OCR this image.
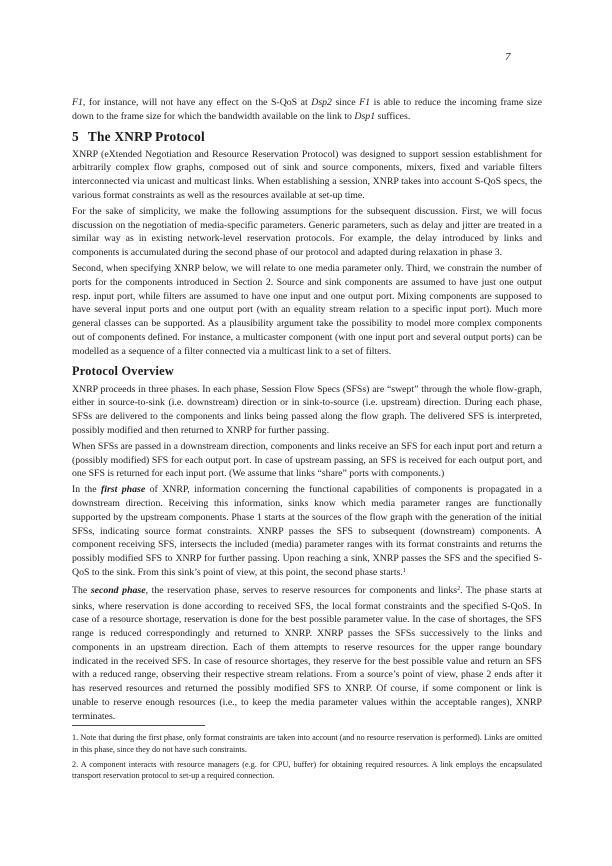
7

F1, for instance, will not have any effect on the S-QoS at Dsp2 since F1 is able to reduce the incoming frame size down to the frame size for which the bandwidth available on the link to Dsp1 suffices.

5 The XNRP Protocol

XNRP (eXtended Negotiation and Resource Reservation Protocol) was designed to support session establishment for arbitrarily complex flow graphs, composed out of sink and source components, mixers, fixed and variable filters interconnected via unicast and multicast links. When establishing a session, XNRP takes into account S-QoS specs, the various format constraints as well as the resources available at set-up time.

For the sake of simplicity, we make the following assumptions for the subsequent discussion. First, we will focus discussion on the negotiation of media-specific parameters. Generic parameters, such as delay and jitter are treated in a similar way as in existing network-level reservation protocols. For example, the delay introduced by links and components is accumulated during the second phase of our protocol and adapted during relaxation in phase 3.

Second, when specifying XNRP below, we will relate to one media parameter only. Third, we constrain the number of ports for the components introduced in Section 2. Source and sink components are assumed to have just one output resp. input port, while filters are assumed to have one input and one output port. Mixing components are supposed to have several input ports and one output port (with an equality stream relation to a specific input port). Much more general classes can be supported. As a plausibility argument take the possibility to model more complex components out of components defined. For instance, a multicaster component (with one input port and several output ports) can be modelled as a sequence of a filter connected via a multicast link to a set of filters.

Protocol Overview

XNRP proceeds in three phases. In each phase, Session Flow Specs (SFSs) are “swept” through the whole flow-graph, either in source-to-sink (i.e. downstream) direction or in sink-to-source (i.e. upstream) direction. During each phase, SFSs are delivered to the components and links being passed along the flow graph. The delivered SFS is interpreted, possibly modified and then returned to XNRP for further passing.

When SFSs are passed in a downstream direction, components and links receive an SFS for each input port and return a (possibly modified) SFS for each output port. In case of upstream passing, an SFS is received for each output port, and one SFS is returned for each input port. (We assume that links “share” ports with components.)

In the first phase of XNRP, information concerning the functional capabilities of components is propagated in a downstream direction. Receiving this information, sinks know which media parameter ranges are functionally supported by the upstream components. Phase 1 starts at the sources of the flow graph with the generation of the initial SFSs, indicating source format constraints. XNRP passes the SFS to subsequent (downstream) components. A component receiving SFS, intersects the included (media) parameter ranges with its format constraints and returns the possibly modified SFS to XNRP for further passing. Upon reaching a sink, XNRP passes the SFS and the specified S-QoS to the sink. From this sink’s point of view, at this point, the second phase starts.$^1$

The second phase, the reservation phase, serves to reserve resources for components and links$^2$. The phase starts at sinks, where reservation is done according to received SFS, the local format constraints and the specified S-QoS. In case of a resource shortage, reservation is done for the best possible parameter value. In the case of shortages, the SFS range is reduced correspondingly and returned to XNRP. XNRP passes the SFSs successively to the links and components in an upstream direction. Each of them attempts to reserve resources for the upper range boundary indicated in the received SFS. In case of resource shortages, they reserve for the best possible value and return an SFS with a reduced range, observing their respective stream relations. From a source’s point of view, phase 2 ends after it has reserved resources and returned the possibly modified SFS to XNRP. Of course, if some component or link is unable to reserve enough resources (i.e., to keep the media parameter values within the acceptable ranges), XNRP terminates.

1. Note that during the first phase, only format constraints are taken into account (and no resource reservation is performed). Links are omitted in this phase, since they do not have such constraints.

2. A component interacts with resource managers (e.g. for CPU, buffer) for obtaining required resources. A link employs the encapsulated transport reservation protocol to set-up a required connection.
